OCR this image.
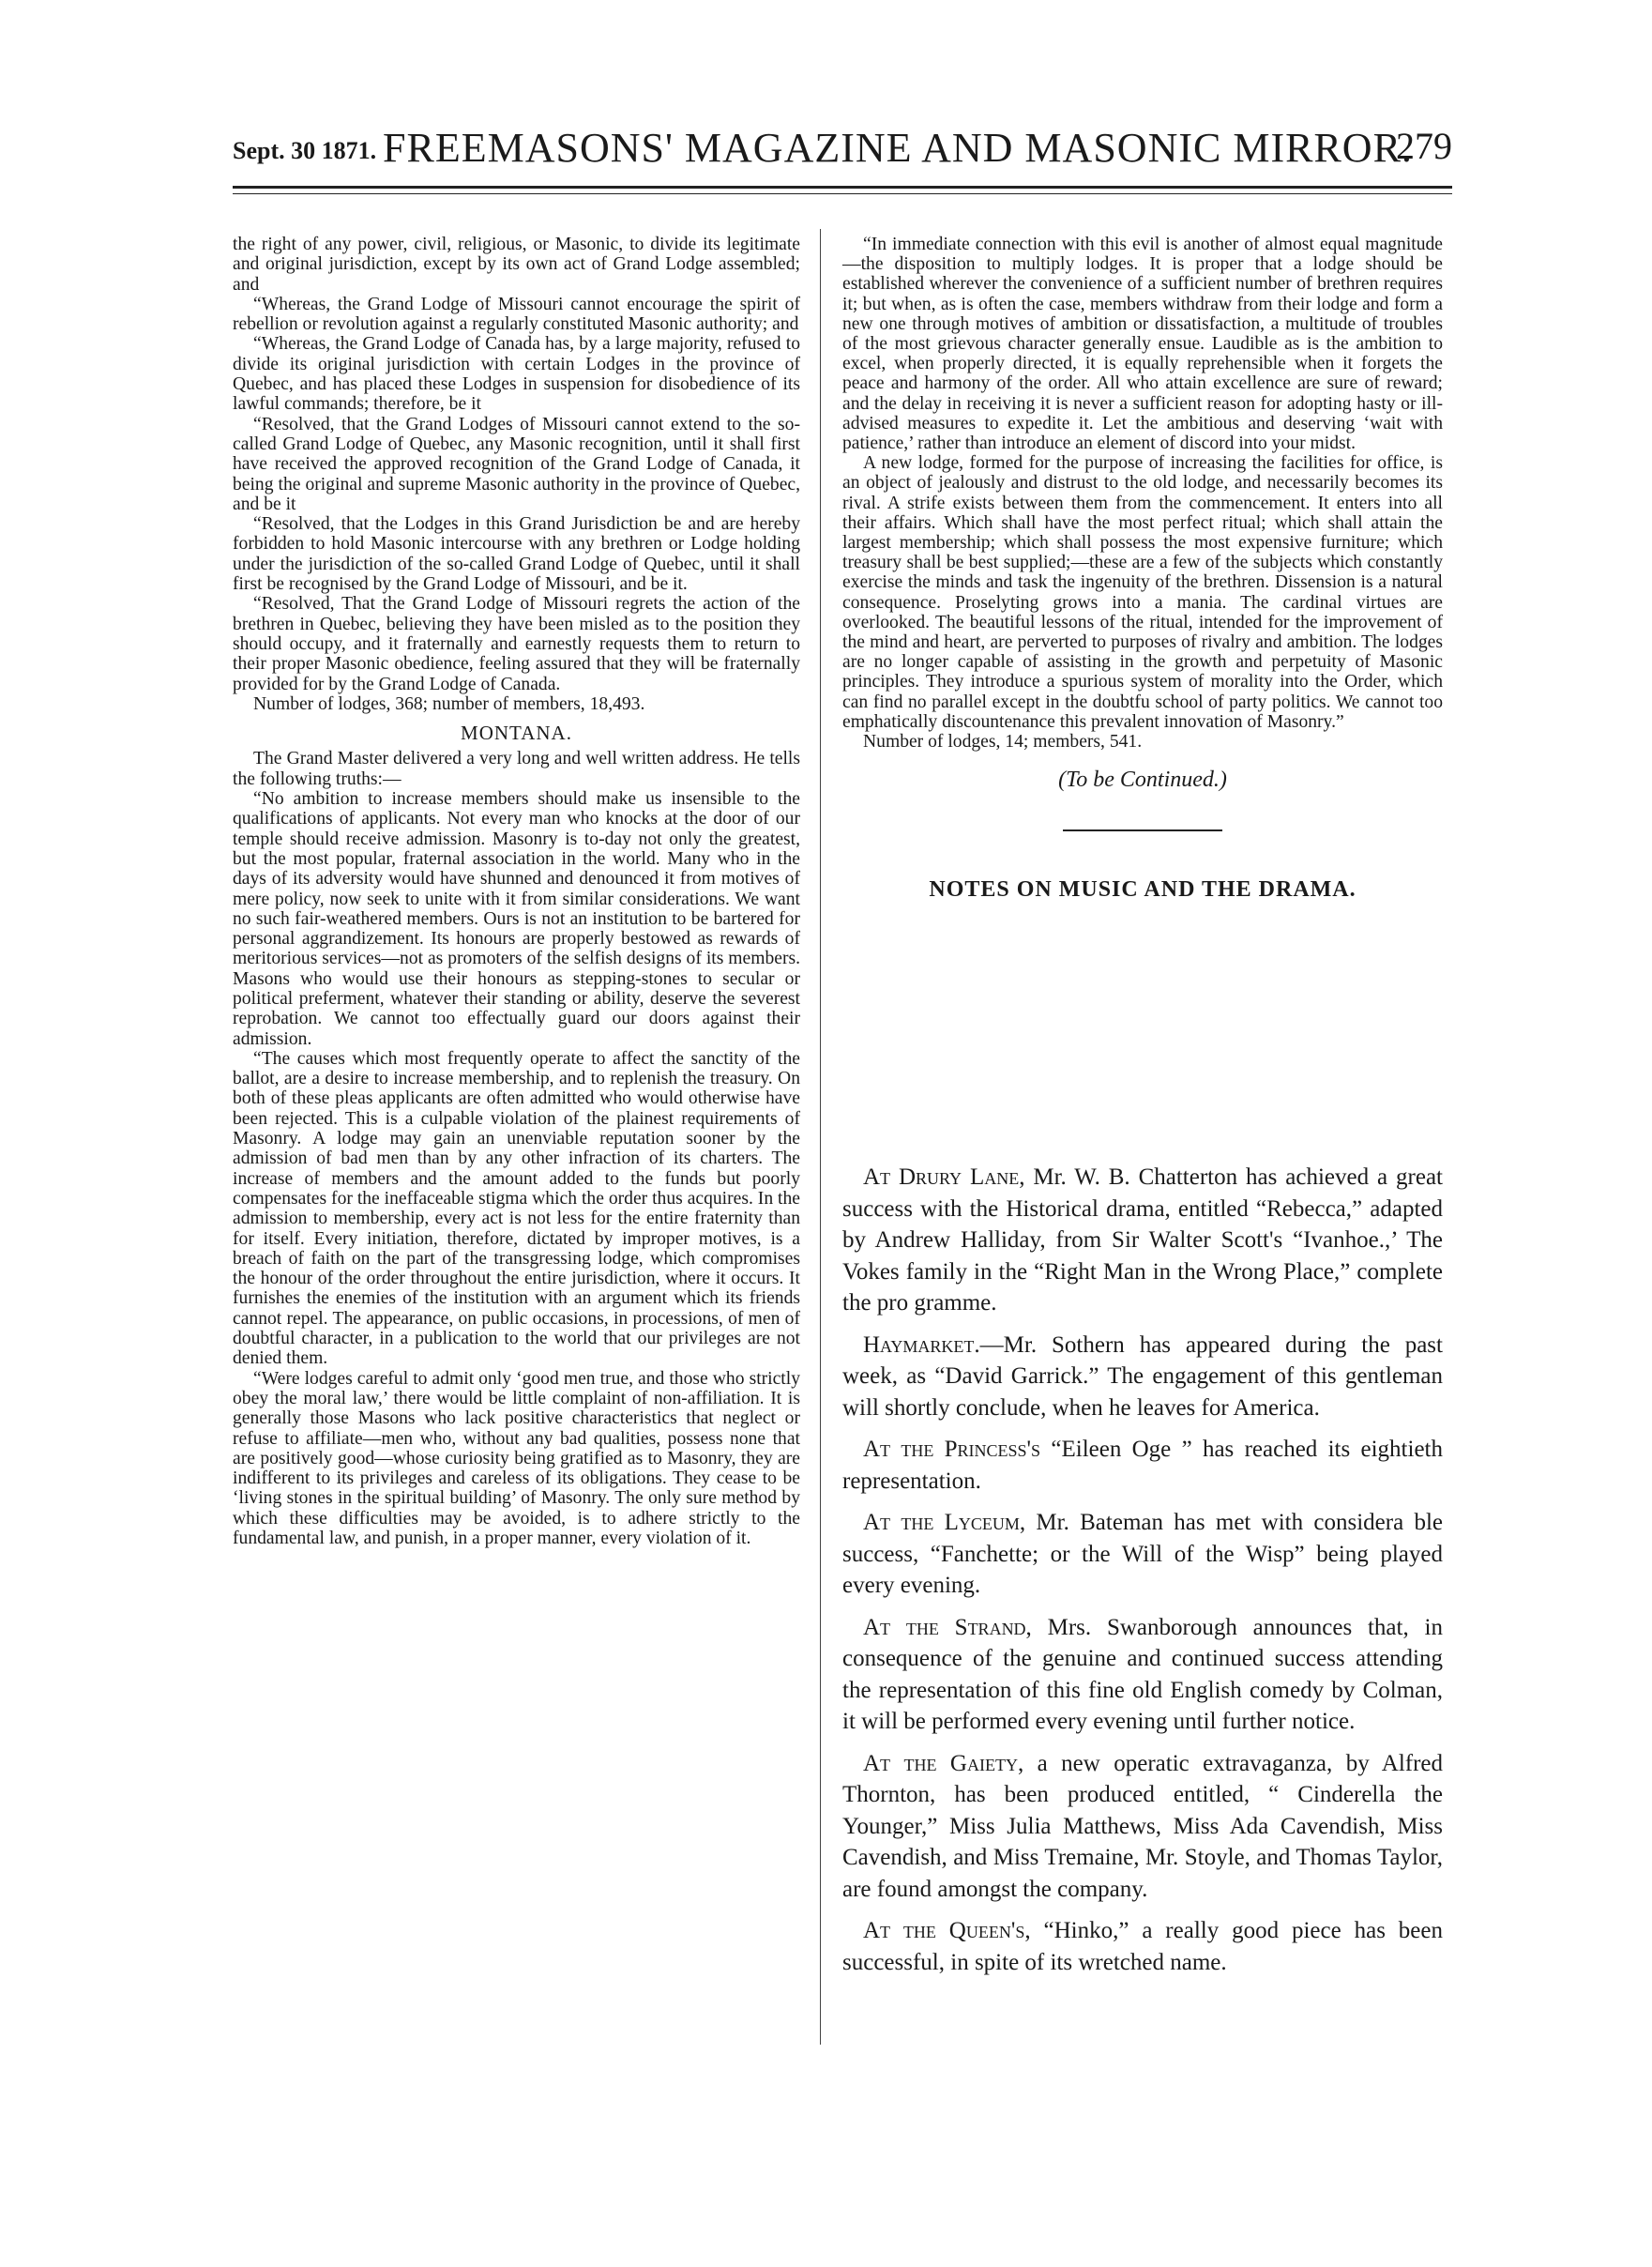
Sept. 30 1871. FREEMASONS' MAGAZINE AND MASONIC MIRROR.
279

the right of any power, civil, religious, or Masonic, to divide its legitimate and original jurisdiction, except by its own act of Grand Lodge assembled; and

“Whereas, the Grand Lodge of Missouri cannot encourage the spirit of rebellion or revolution against a regularly constituted Masonic authority; and

“Whereas, the Grand Lodge of Canada has, by a large majority, refused to divide its original jurisdiction with certain Lodges in the province of Quebec, and has placed these Lodges in suspension for disobedience of its lawful commands; therefore, be it

“Resolved, that the Grand Lodges of Missouri cannot extend to the so-called Grand Lodge of Quebec, any Masonic recognition, until it shall first have received the approved recognition of the Grand Lodge of Canada, it being the original and supreme Masonic authority in the province of Quebec, and be it

“Resolved, that the Lodges in this Grand Jurisdiction be and are hereby forbidden to hold Masonic intercourse with any brethren or Lodge holding under the jurisdiction of the so-called Grand Lodge of Quebec, until it shall first be recognised by the Grand Lodge of Missouri, and be it.

“Resolved, That the Grand Lodge of Missouri regrets the action of the brethren in Quebec, believing they have been misled as to the position they should occupy, and it fraternally and earnestly requests them to return to their proper Masonic obedience, feeling assured that they will be fraternally provided for by the Grand Lodge of Canada.

Number of lodges, 368; number of members, 18,493.

MONTANA.

The Grand Master delivered a very long and well written address. He tells the following truths:—

“No ambition to increase members should make us insensible to the qualifications of applicants. Not every man who knocks at the door of our temple should receive admission. Masonry is to-day not only the greatest, but the most popular, fraternal association in the world. Many who in the days of its adversity would have shunned and denounced it from motives of mere policy, now seek to unite with it from similar considerations. We want no such fair-weathered members. Ours is not an institution to be bartered for personal aggrandizement. Its honours are properly bestowed as rewards of meritorious services—not as promoters of the selfish designs of its members. Masons who would use their honours as stepping-stones to secular or political preferment, whatever their standing or ability, deserve the severest reprobation. We cannot too effectually guard our doors against their admission.

“The causes which most frequently operate to affect the sanctity of the ballot, are a desire to increase membership, and to replenish the treasury. On both of these pleas applicants are often admitted who would otherwise have been rejected. This is a culpable violation of the plainest requirements of Masonry. A lodge may gain an unenviable reputation sooner by the admission of bad men than by any other infraction of its charters. The increase of members and the amount added to the funds but poorly compensates for the ineffaceable stigma which the order thus acquires. In the admission to membership, every act is not less for the entire fraternity than for itself. Every initiation, therefore, dictated by improper motives, is a breach of faith on the part of the transgressing lodge, which compromises the honour of the order throughout the entire jurisdiction, where it occurs. It furnishes the enemies of the institution with an argument which its friends cannot repel. The appearance, on public occasions, in processions, of men of doubtful character, in a publication to the world that our privileges are not denied them.

“Were lodges careful to admit only ‘good men true, and those who strictly obey the moral law,’ there would be little complaint of non-affiliation. It is generally those Masons who lack positive characteristics that neglect or refuse to affiliate—men who, without any bad qualities, possess none that are positively good—whose curiosity being gratified as to Masonry, they are indifferent to its privileges and careless of its obligations. They cease to be ‘living stones in the spiritual building’ of Masonry. The only sure method by which these difficulties may be avoided, is to adhere strictly to the fundamental law, and punish, in a proper manner, every violation of it.

“In immediate connection with this evil is another of almost equal magnitude—the disposition to multiply lodges. It is proper that a lodge should be established wherever the convenience of a sufficient number of brethren requires it; but when, as is often the case, members withdraw from their lodge and form a new one through motives of ambition or dissatisfaction, a multitude of troubles of the most grievous character generally ensue. Laudible as is the ambition to excel, when properly directed, it is equally reprehensible when it forgets the peace and harmony of the order. All who attain excellence are sure of reward; and the delay in receiving it is never a sufficient reason for adopting hasty or ill-advised measures to expedite it. Let the ambitious and deserving ‘wait with patience,’ rather than introduce an element of discord into your midst.

A new lodge, formed for the purpose of increasing the facilities for office, is an object of jealously and distrust to the old lodge, and necessarily becomes its rival. A strife exists between them from the commencement. It enters into all their affairs. Which shall have the most perfect ritual; which shall attain the largest membership; which shall possess the most expensive furniture; which treasury shall be best supplied;—these are a few of the subjects which constantly exercise the minds and task the ingenuity of the brethren. Dissension is a natural consequence. Proselyting grows into a mania. The cardinal virtues are overlooked. The beautiful lessons of the ritual, intended for the improvement of the mind and heart, are perverted to purposes of rivalry and ambition. The lodges are no longer capable of assisting in the growth and perpetuity of Masonic principles. They introduce a spurious system of morality into the Order, which can find no parallel except in the doubtfu school of party politics. We cannot too emphatically discountenance this prevalent innovation of Masonry.”

Number of lodges, 14; members, 541.

(To be Continued.)
NOTES ON MUSIC AND THE DRAMA.

At Drury Lane, Mr. W. B. Chatterton has achieved a great success with the Historical drama, entitled “Rebecca,” adapted by Andrew Halliday, from Sir Walter Scott's “Ivanhoe.,’ The Vokes family in the “Right Man in the Wrong Place,” complete the pro gramme.

Haymarket.—Mr. Sothern has appeared during the past week, as “David Garrick.” The engagement of this gentleman will shortly conclude, when he leaves for America.

At the Princess's “Eileen Oge ” has reached its eightieth representation.

At the Lyceum, Mr. Bateman has met with considera ble success, “Fanchette; or the Will of the Wisp” being played every evening.

At the Strand, Mrs. Swanborough announces that, in consequence of the genuine and continued success attending the representation of this fine old English comedy by Colman, it will be performed every evening until further notice.

At the Gaiety, a new operatic extravaganza, by Alfred Thornton, has been produced entitled, “ Cinderella the Younger,” Miss Julia Matthews, Miss Ada Cavendish, Miss Cavendish, and Miss Tremaine, Mr. Stoyle, and Thomas Taylor, are found amongst the company.

At the Queen's, “Hinko,” a really good piece has been successful, in spite of its wretched name.
